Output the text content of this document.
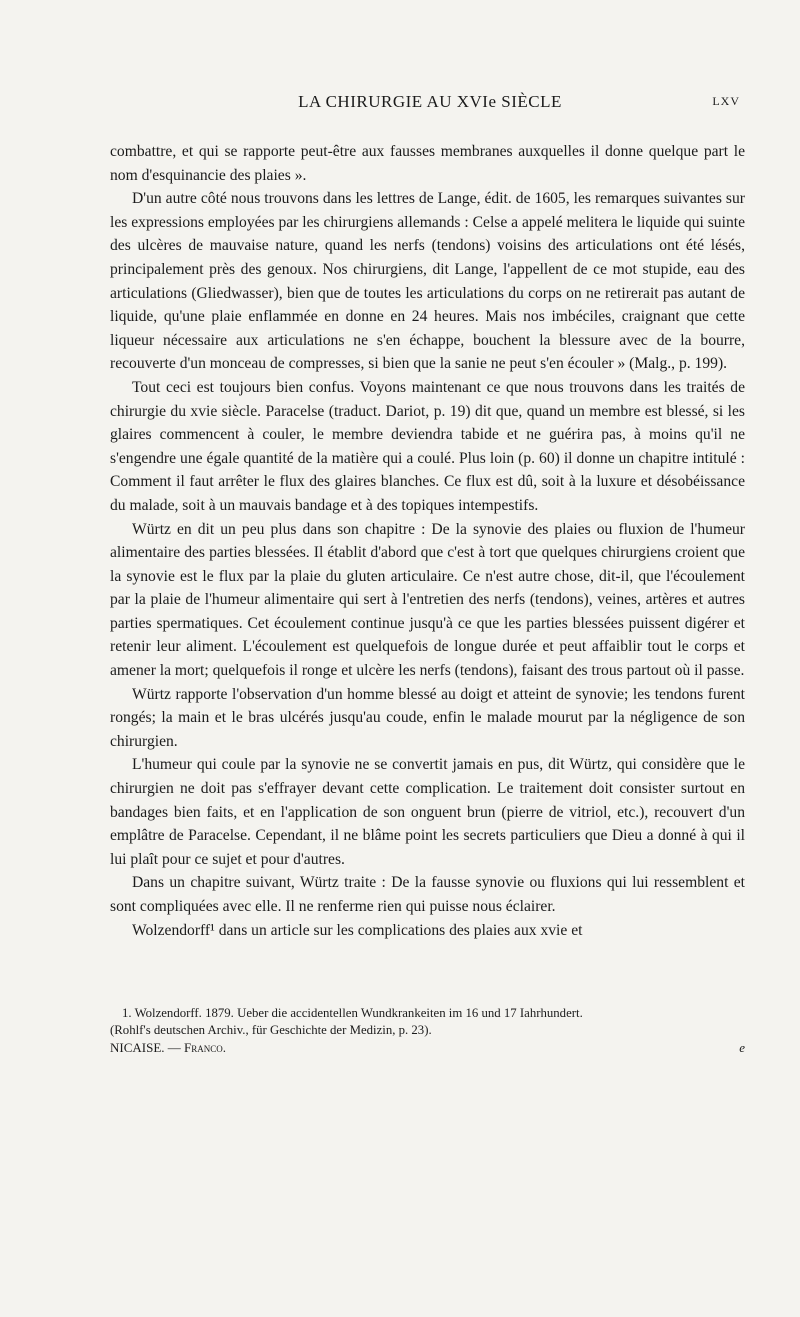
LA CHIRURGIE AU XVIe SIÈCLE	LXV

combattre, et qui se rapporte peut-être aux fausses membranes auxquelles il donne quelque part le nom d'esquinancie des plaies ».

D'un autre côté nous trouvons dans les lettres de Lange, édit. de 1605, les remarques suivantes sur les expressions employées par les chirurgiens allemands : Celse a appelé melitera le liquide qui suinte des ulcères de mauvaise nature, quand les nerfs (tendons) voisins des articulations ont été lésés, principalement près des genoux. Nos chirurgiens, dit Lange, l'appellent de ce mot stupide, eau des articulations (Gliedwasser), bien que de toutes les articulations du corps on ne retirerait pas autant de liquide, qu'une plaie enflammée en donne en 24 heures. Mais nos imbéciles, craignant que cette liqueur nécessaire aux articulations ne s'en échappe, bouchent la blessure avec de la bourre, recouverte d'un monceau de compresses, si bien que la sanie ne peut s'en écouler » (Malg., p. 199).

Tout ceci est toujours bien confus. Voyons maintenant ce que nous trouvons dans les traités de chirurgie du xvie siècle. Paracelse (traduct. Dariot, p. 19) dit que, quand un membre est blessé, si les glaires commencent à couler, le membre deviendra tabide et ne guérira pas, à moins qu'il ne s'engendre une égale quantité de la matière qui a coulé. Plus loin (p. 60) il donne un chapitre intitulé : Comment il faut arrêter le flux des glaires blanches. Ce flux est dû, soit à la luxure et désobéissance du malade, soit à un mauvais bandage et à des topiques intempestifs.

Würtz en dit un peu plus dans son chapitre : De la synovie des plaies ou fluxion de l'humeur alimentaire des parties blessées. Il établit d'abord que c'est à tort que quelques chirurgiens croient que la synovie est le flux par la plaie du gluten articulaire. Ce n'est autre chose, dit-il, que l'écoulement par la plaie de l'humeur alimentaire qui sert à l'entretien des nerfs (tendons), veines, artères et autres parties spermatiques. Cet écoulement continue jusqu'à ce que les parties blessées puissent digérer et retenir leur aliment. L'écoulement est quelquefois de longue durée et peut affaiblir tout le corps et amener la mort; quelquefois il ronge et ulcère les nerfs (tendons), faisant des trous partout où il passe.

Würtz rapporte l'observation d'un homme blessé au doigt et atteint de synovie; les tendons furent rongés; la main et le bras ulcérés jusqu'au coude, enfin le malade mourut par la négligence de son chirurgien.

L'humeur qui coule par la synovie ne se convertit jamais en pus, dit Würtz, qui considère que le chirurgien ne doit pas s'effrayer devant cette complication. Le traitement doit consister surtout en bandages bien faits, et en l'application de son onguent brun (pierre de vitriol, etc.), recouvert d'un emplâtre de Paracelse. Cependant, il ne blâme point les secrets particuliers que Dieu a donné à qui il lui plaît pour ce sujet et pour d'autres.

Dans un chapitre suivant, Würtz traite : De la fausse synovie ou fluxions qui lui ressemblent et sont compliquées avec elle. Il ne renferme rien qui puisse nous éclairer.

Wolzendorff¹ dans un article sur les complications des plaies aux xvie et

1. Wolzendorff. 1879. Ueber die accidentellen Wundkrankeiten im 16 und 17 Iahrhundert.
(Rohlf's deutschen Archiv., für Geschichte der Medizin, p. 23).
NICAISE. — Franco.	e
